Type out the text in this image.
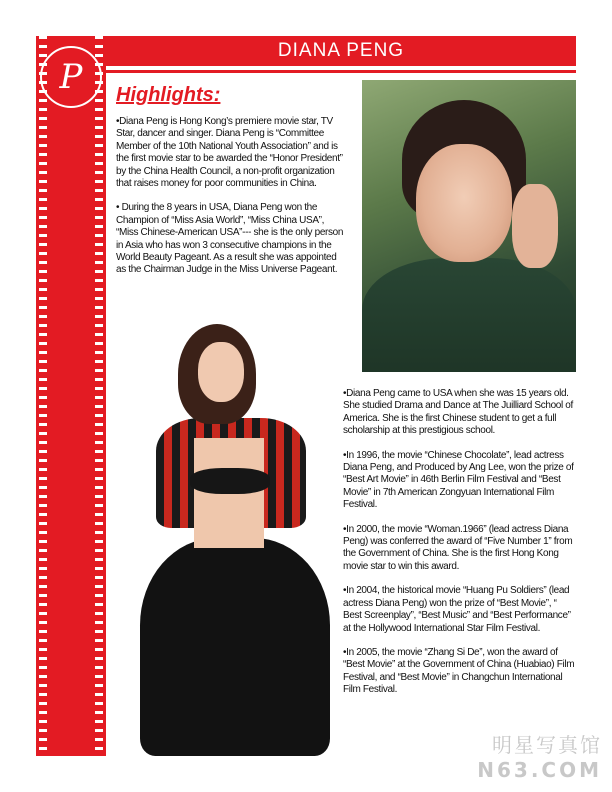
P
DIANA PENG
Highlights:

•Diana Peng is Hong Kong’s premiere movie star, TV Star, dancer and singer. Diana Peng is “Committee Member of the 10th National Youth Association” and is the first movie star to be awarded the “Honor President” by the China Health Council, a non-profit organization that raises money for poor communities in China.

• During the 8 years in USA, Diana Peng won the Champion of “Miss Asia World”, “Miss China USA”, “Miss Chinese-American USA”--- she is the only person in Asia who has won 3 consecutive champions in the World Beauty Pageant. As a result she was appointed as the Chairman Judge in the Miss Universe Pageant.

•Diana Peng came to USA when she was 15 years old. She studied Drama and Dance at The Juilliard School of America. She is the first Chinese student to get a full scholarship at this prestigious school.

•In 1996, the movie “Chinese Chocolate”, lead actress Diana Peng, and Produced by Ang Lee, won the prize of “Best Art Movie” in 46th Berlin Film Festival and “Best Movie” in 7th American Zongyuan International Film Festival.

•In 2000, the movie “Woman.1966” (lead actress Diana Peng) was conferred the award of “Five Number 1” from the Government of China. She is the first Hong Kong movie star to win this award.

•In 2004, the historical movie “Huang Pu Soldiers” (lead actress Diana Peng) won the prize of “Best Movie”, “ Best Screenplay”, “Best Music” and “Best Performance” at the Hollywood International Star Film Festival.

•In 2005, the movie “Zhang Si De”, won the award of “Best Movie” at the Government of China (Huabiao) Film Festival, and “Best Movie” in Changchun International Film Festival.

明星写真馆
N63.COM
